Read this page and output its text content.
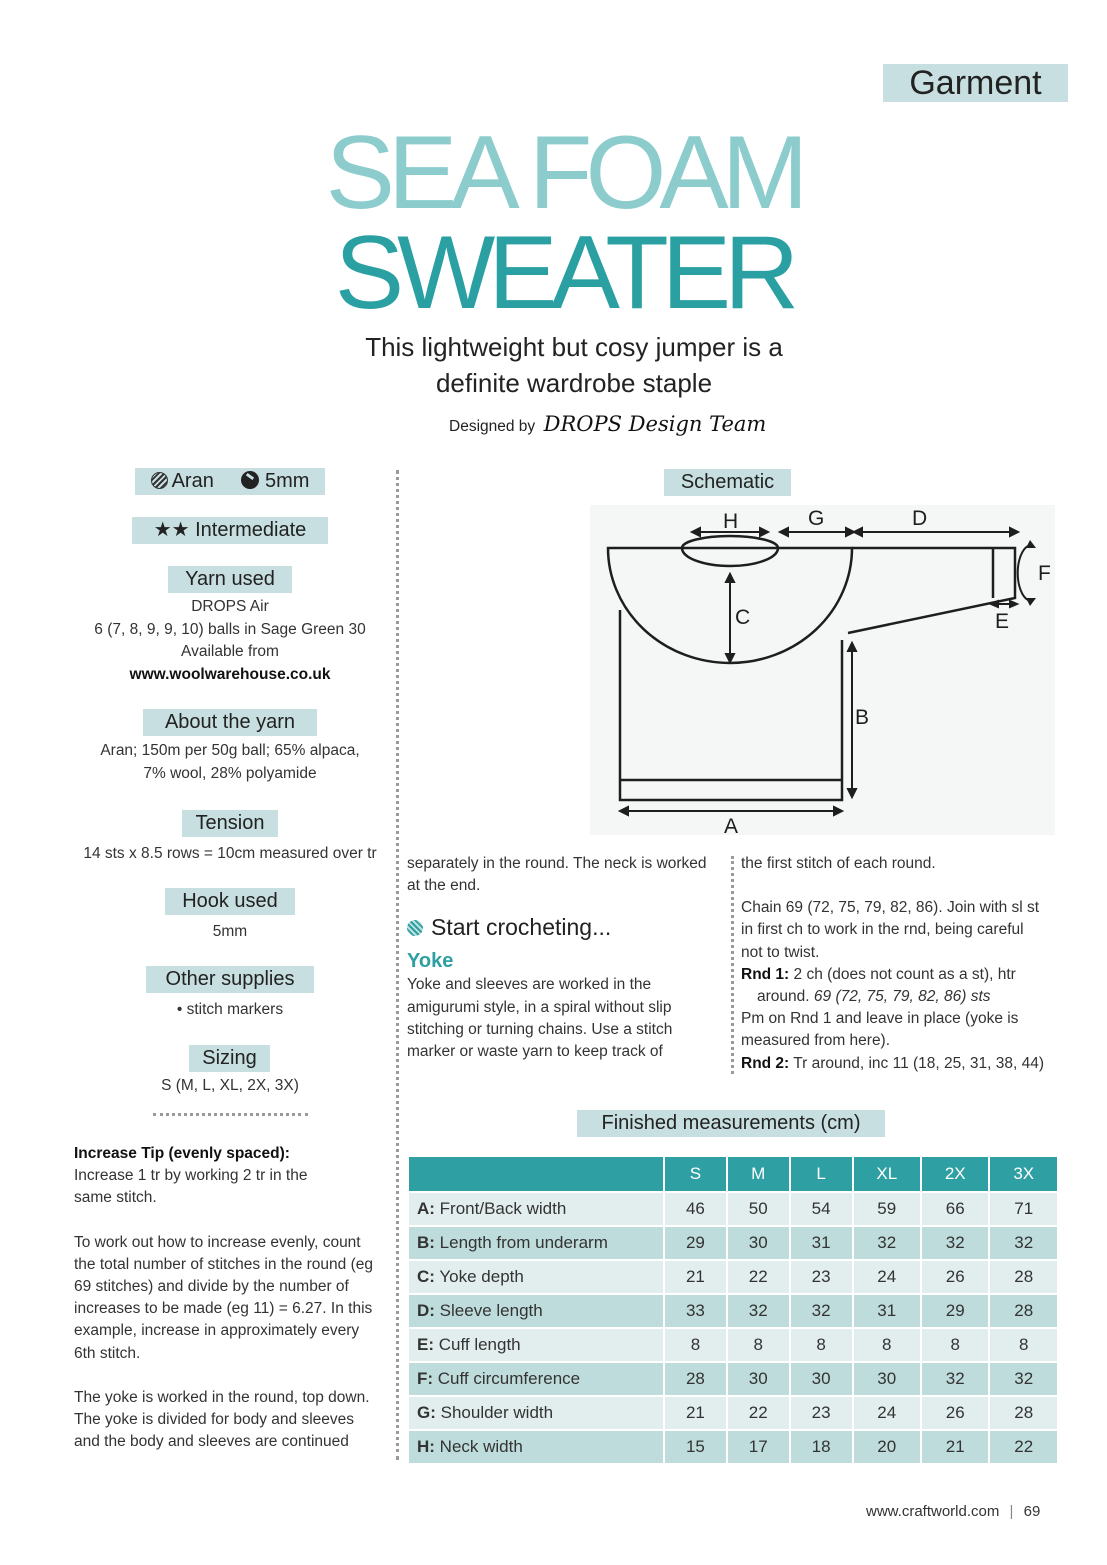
Garment
SEA FOAM
SWEATER
This lightweight but cosy jumper is a
definite wardrobe staple
Designed by DROPS Design Team
Aran	5mm
★★ Intermediate
Yarn used
DROPS Air
6 (7, 8, 9, 9, 10) balls in Sage Green 30
Available from
www.woolwarehouse.co.uk
About the yarn
Aran; 150m per 50g ball; 65% alpaca,
7% wool, 28% polyamide
Tension
14 sts x 8.5 rows = 10cm measured over tr
Hook used
5mm
Other supplies
• stitch markers
Sizing
S (M, L, XL, 2X, 3X)
Increase Tip (evenly spaced):
Increase 1 tr by working 2 tr in the same stitch.
To work out how to increase evenly, count the total number of stitches in the round (eg 69 stitches) and divide by the number of increases to be made (eg 11) = 6.27. In this example, increase in approximately every 6th stitch.
The yoke is worked in the round, top down. The yoke is divided for body and sleeves and the body and sleeves are continued
Schematic
H	G	D
C
B
A
E
F
separately in the round. The neck is worked at the end.
Start crocheting...
Yoke
Yoke and sleeves are worked in the amigurumi style, in a spiral without slip stitching or turning chains. Use a stitch marker or waste yarn to keep track of
the first stitch of each round.
Chain 69 (72, 75, 79, 82, 86). Join with sl st in first ch to work in the rnd, being careful not to twist.
Rnd 1: 2 ch (does not count as a st), htr around. 69 (72, 75, 79, 82, 86) sts
Pm on Rnd 1 and leave in place (yoke is measured from here).
Rnd 2: Tr around, inc 11 (18, 25, 31, 38, 44)
Finished measurements (cm)
	S	M	L	XL	2X	3X
A: Front/Back width	46	50	54	59	66	71
B: Length from underarm	29	30	31	32	32	32
C: Yoke depth	21	22	23	24	26	28
D: Sleeve length	33	32	32	31	29	28
E: Cuff length	8	8	8	8	8	8
F: Cuff circumference	28	30	30	30	32	32
G: Shoulder width	21	22	23	24	26	28
H: Neck width	15	17	18	20	21	22
www.craftworld.com | 69
